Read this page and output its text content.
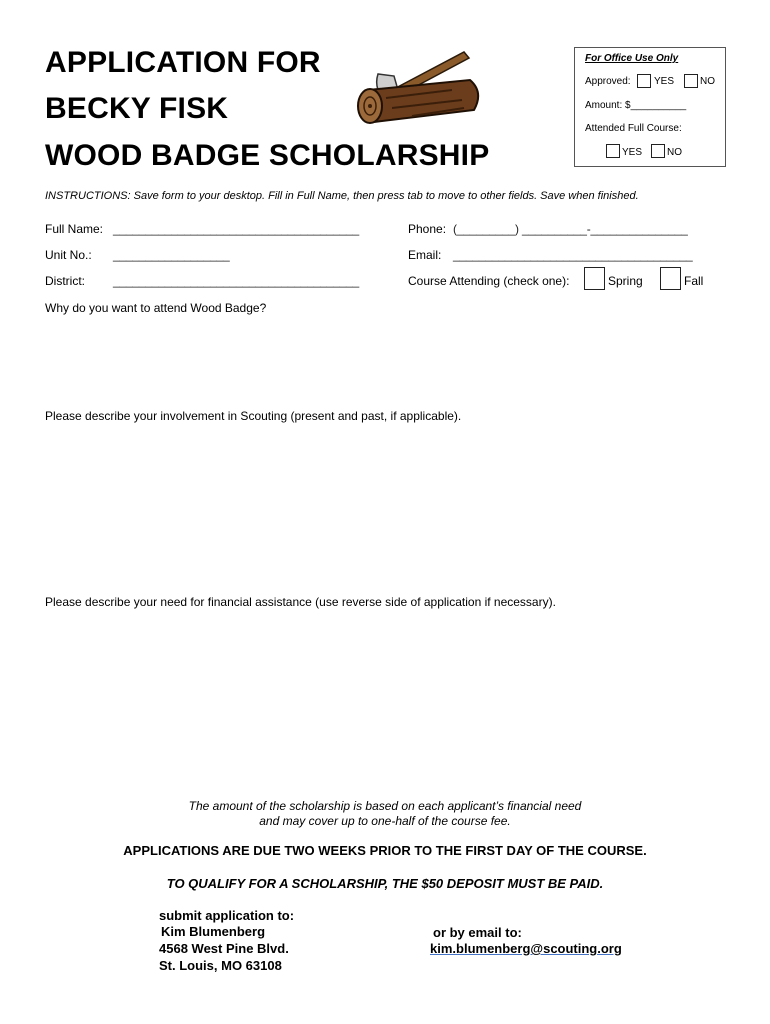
APPLICATION FOR
BECKY FISK
WOOD BADGE SCHOLARSHIP
For Office Use Only
Approved: YES	NO
Amount: $__________
Attended Full Course:
YES NO
INSTRUCTIONS: Save form to your desktop. Fill in Full Name, then press tab to move to other fields. Save when finished.
Full Name: ______________________________________	Phone: (_________) __________-_______________
Unit No.: __________________	Email: _____________________________________
District: ______________________________________	Course Attending (check one):	Spring	Fall
Why do you want to attend Wood Badge?
Please describe your involvement in Scouting (present and past, if applicable).
Please describe your need for financial assistance (use reverse side of application if necessary).
The amount of the scholarship is based on each applicant’s financial need
and may cover up to one-half of the course fee.
APPLICATIONS ARE DUE TWO WEEKS PRIOR TO THE FIRST DAY OF THE COURSE.
TO QUALIFY FOR A SCHOLARSHIP, THE $50 DEPOSIT MUST BE PAID.
submit application to:
Kim Blumenberg
4568 West Pine Blvd.
St. Louis, MO 63108
or by email to:
kim.blumenberg@scouting.org
